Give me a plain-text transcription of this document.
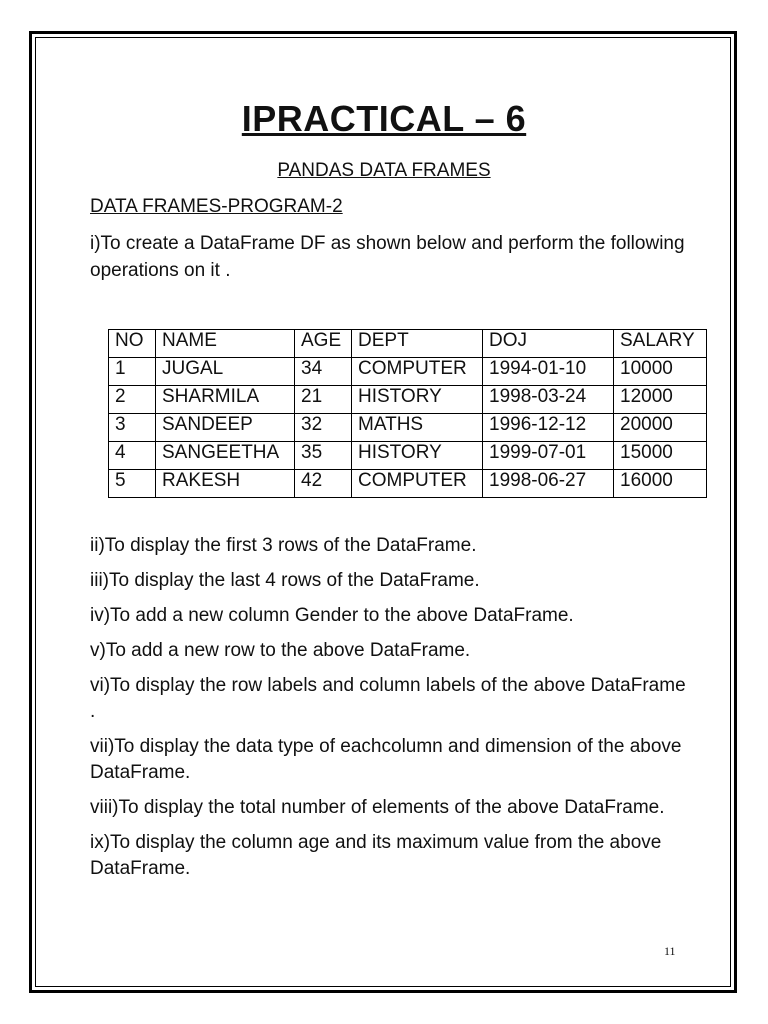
IPRACTICAL – 6
PANDAS DATA FRAMES
DATA FRAMES-PROGRAM-2
i)To create a DataFrame DF as shown below and perform the following operations on it .
NO	NAME	AGE	DEPT	DOJ	SALARY
1	JUGAL	34	COMPUTER	1994-01-10	10000
2	SHARMILA	21	HISTORY	1998-03-24	12000
3	SANDEEP	32	MATHS	1996-12-12	20000
4	SANGEETHA	35	HISTORY	1999-07-01	15000
5	RAKESH	42	COMPUTER	1998-06-27	16000

ii)To display the first 3 rows of the DataFrame.

iii)To display the last 4 rows of the DataFrame.

iv)To add a new column Gender to the above DataFrame.

v)To add a new row to the above DataFrame.

vi)To display the row labels and column labels of the above DataFrame .

vii)To display the data type of eachcolumn and dimension of the above DataFrame.

viii)To display the total number of elements of the above DataFrame.

ix)To display the column age and its maximum value from the above DataFrame.

11
